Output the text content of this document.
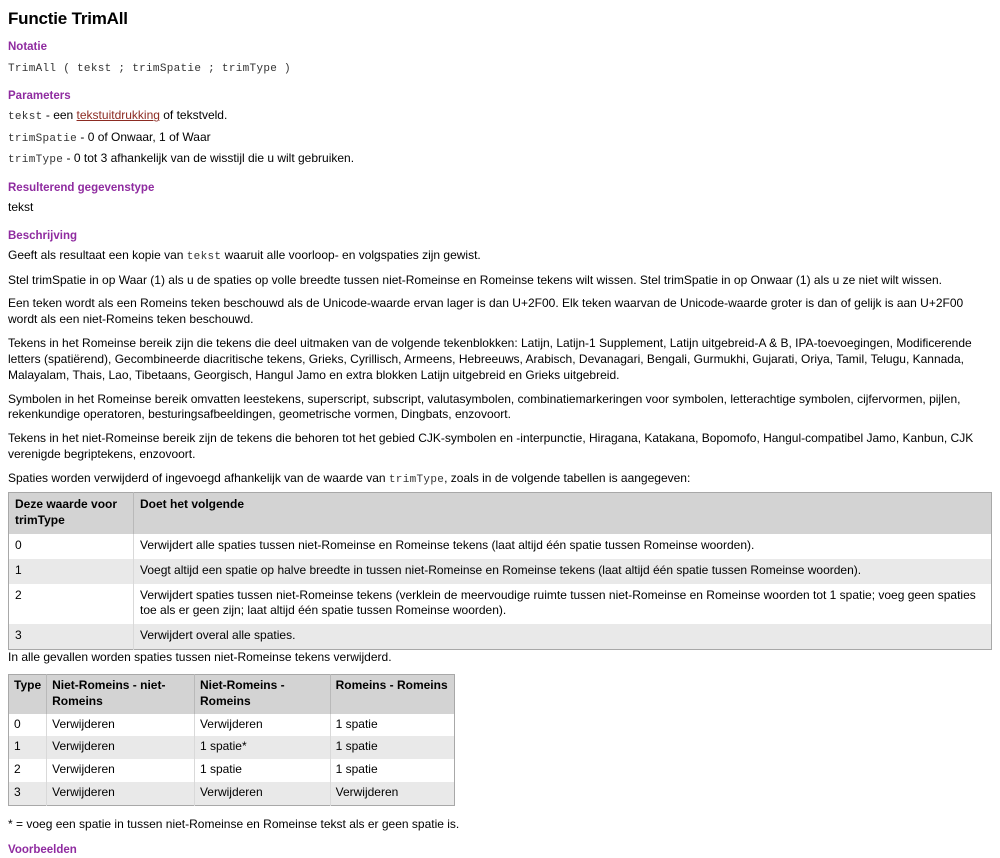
Functie TrimAll
Notatie

TrimAll ( tekst ; trimSpatie ; trimType )

Parameters

tekst - een tekstuitdrukking of tekstveld.

trimSpatie - 0 of Onwaar, 1 of Waar

trimType - 0 tot 3 afhankelijk van de wisstijl die u wilt gebruiken.

Resulterend gegevenstype

tekst

Beschrijving

Geeft als resultaat een kopie van tekst waaruit alle voorloop- en volgspaties zijn gewist.

Stel trimSpatie in op Waar (1) als u de spaties op volle breedte tussen niet-Romeinse en Romeinse tekens wilt wissen. Stel trimSpatie in op Onwaar (1) als u ze niet wilt wissen.

Een teken wordt als een Romeins teken beschouwd als de Unicode-waarde ervan lager is dan U+2F00. Elk teken waarvan de Unicode-waarde groter is dan of gelijk is aan U+2F00 wordt als een niet-Romeins teken beschouwd.

Tekens in het Romeinse bereik zijn die tekens die deel uitmaken van de volgende tekenblokken: Latijn, Latijn-1 Supplement, Latijn uitgebreid-A & B, IPA-toevoegingen, Modificerende letters (spatiërend), Gecombineerde diacritische tekens, Grieks, Cyrillisch, Armeens, Hebreeuws, Arabisch, Devanagari, Bengali, Gurmukhi, Gujarati, Oriya, Tamil, Telugu, Kannada, Malayalam, Thais, Lao, Tibetaans, Georgisch, Hangul Jamo en extra blokken Latijn uitgebreid en Grieks uitgebreid.

Symbolen in het Romeinse bereik omvatten leestekens, superscript, subscript, valutasymbolen, combinatiemarkeringen voor symbolen, letterachtige symbolen, cijfervormen, pijlen, rekenkundige operatoren, besturingsafbeeldingen, geometrische vormen, Dingbats, enzovoort.

Tekens in het niet-Romeinse bereik zijn de tekens die behoren tot het gebied CJK-symbolen en -interpunctie, Hiragana, Katakana, Bopomofo, Hangul-compatibel Jamo, Kanbun, CJK verenigde begriptekens, enzovoort.

Spaties worden verwijderd of ingevoegd afhankelijk van de waarde van trimType, zoals in de volgende tabellen is aangegeven:

Deze waarde voor trimType	Doet het volgende
0	Verwijdert alle spaties tussen niet-Romeinse en Romeinse tekens (laat altijd één spatie tussen Romeinse woorden).
1	Voegt altijd een spatie op halve breedte in tussen niet-Romeinse en Romeinse tekens (laat altijd één spatie tussen Romeinse woorden).
2	Verwijdert spaties tussen niet-Romeinse tekens (verklein de meervoudige ruimte tussen niet-Romeinse en Romeinse woorden tot 1 spatie; voeg geen spaties toe als er geen zijn; laat altijd één spatie tussen Romeinse woorden).
3	Verwijdert overal alle spaties.

In alle gevallen worden spaties tussen niet-Romeinse tekens verwijderd.

Type	Niet-Romeins - niet-Romeins	Niet-Romeins - Romeins	Romeins - Romeins
0	Verwijderen	Verwijderen	1 spatie
1	Verwijderen	1 spatie*	1 spatie
2	Verwijderen	1 spatie	1 spatie
3	Verwijderen	Verwijderen	Verwijderen

* = voeg een spatie in tussen niet-Romeinse en Romeinse tekst als er geen spatie is.

Voorbeelden
